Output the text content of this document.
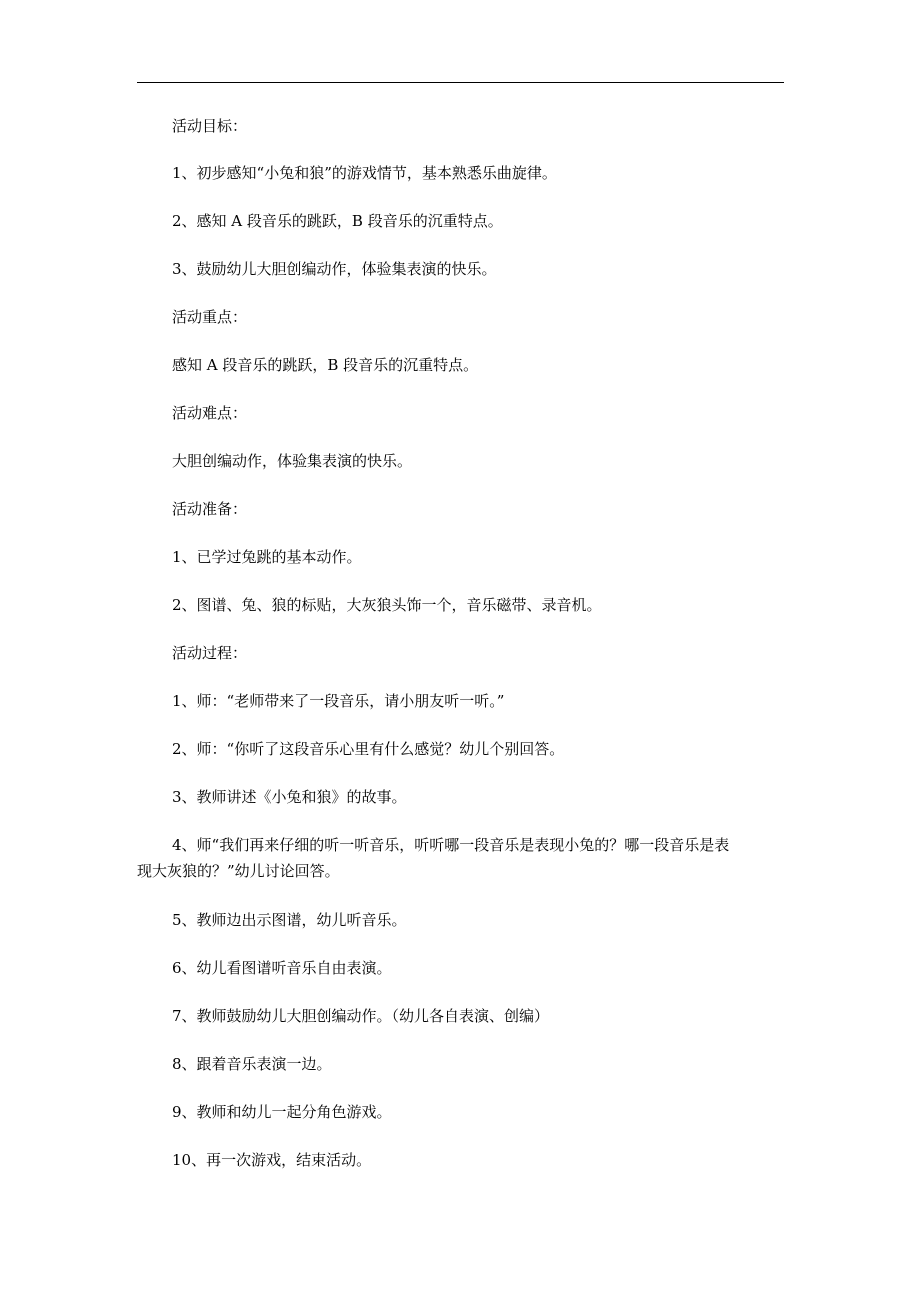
活动目标：
1、初步感知“小兔和狼”的游戏情节，基本熟悉乐曲旋律。
2、感知 A 段音乐的跳跃，B 段音乐的沉重特点。
3、鼓励幼儿大胆创编动作，体验集表演的快乐。
活动重点：
感知 A 段音乐的跳跃，B 段音乐的沉重特点。
活动难点：
大胆创编动作，体验集表演的快乐。
活动准备：
1、已学过兔跳的基本动作。
2、图谱、兔、狼的标贴，大灰狼头饰一个，音乐磁带、录音机。
活动过程：
1、师：“老师带来了一段音乐，请小朋友听一听。”
2、师：“你听了这段音乐心里有什么感觉？幼儿个别回答。
3、教师讲述《小兔和狼》的故事。
4、师“我们再来仔细的听一听音乐，听听哪一段音乐是表现小兔的？哪一段音乐是表
现大灰狼的？”幼儿讨论回答。
5、教师边出示图谱，幼儿听音乐。
6、幼儿看图谱听音乐自由表演。
7、教师鼓励幼儿大胆创编动作。（幼儿各自表演、创编）
8、跟着音乐表演一边。
9、教师和幼儿一起分角色游戏。
10、再一次游戏，结束活动。
